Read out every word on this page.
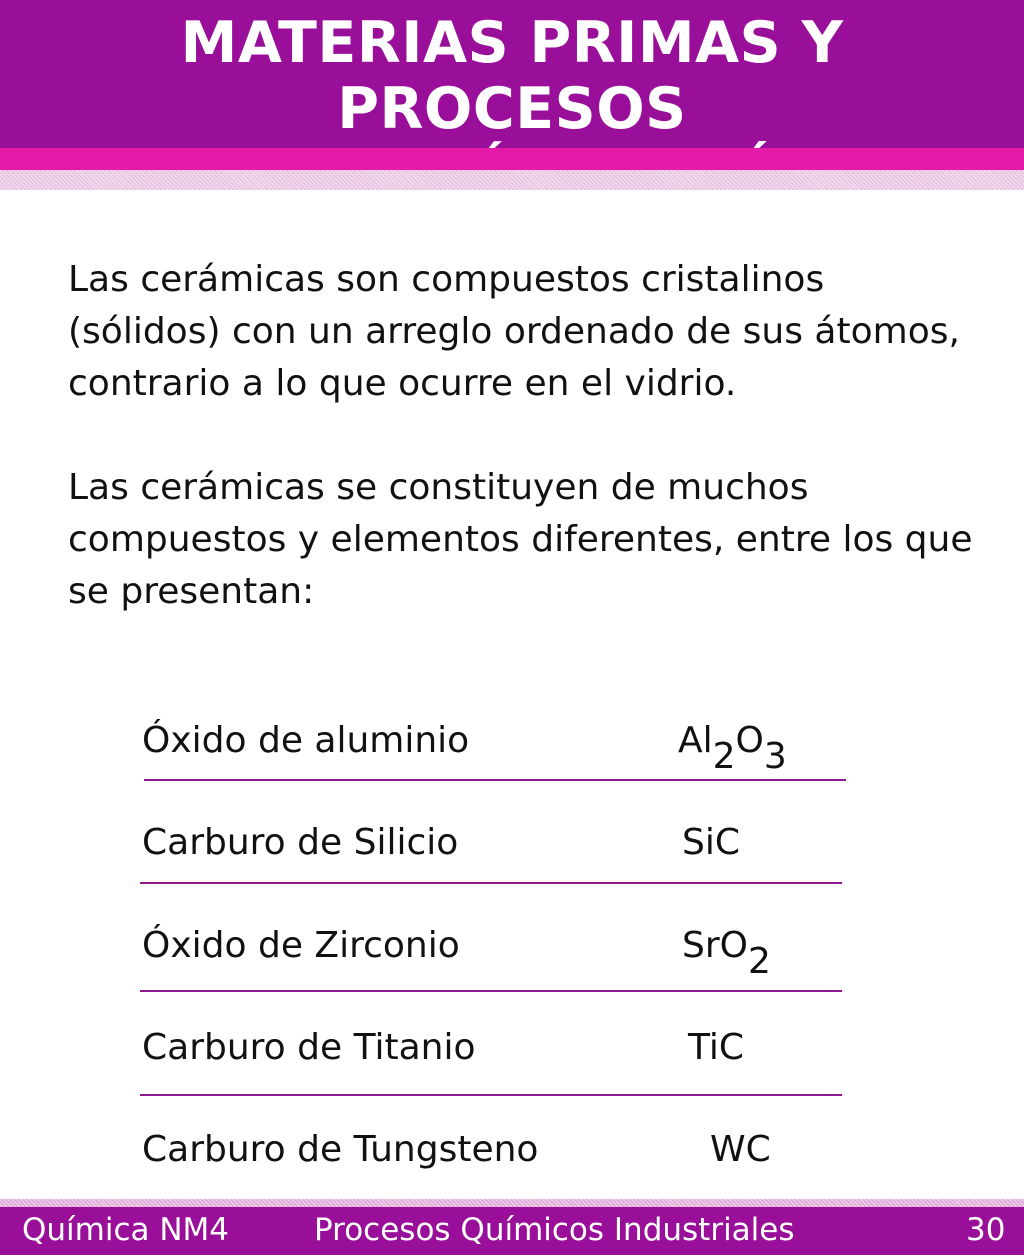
MATERIAS PRIMAS Y PROCESOS

Las cerámicas son compuestos cristalinos (sólidos) con un arreglo ordenado de sus átomos, contrario a lo que ocurre en el vidrio.

Las cerámicas se constituyen de muchos compuestos y elementos diferentes, entre los que se presentan:

Óxido de aluminio	$Al_2O_3$
Carburo de Silicio	SiC
Óxido de Zirconio	SrO$_2$
Carburo de Titanio	TiC
Carburo de Tungsteno	WC
Química NM4	Procesos Químicos Industriales	30
